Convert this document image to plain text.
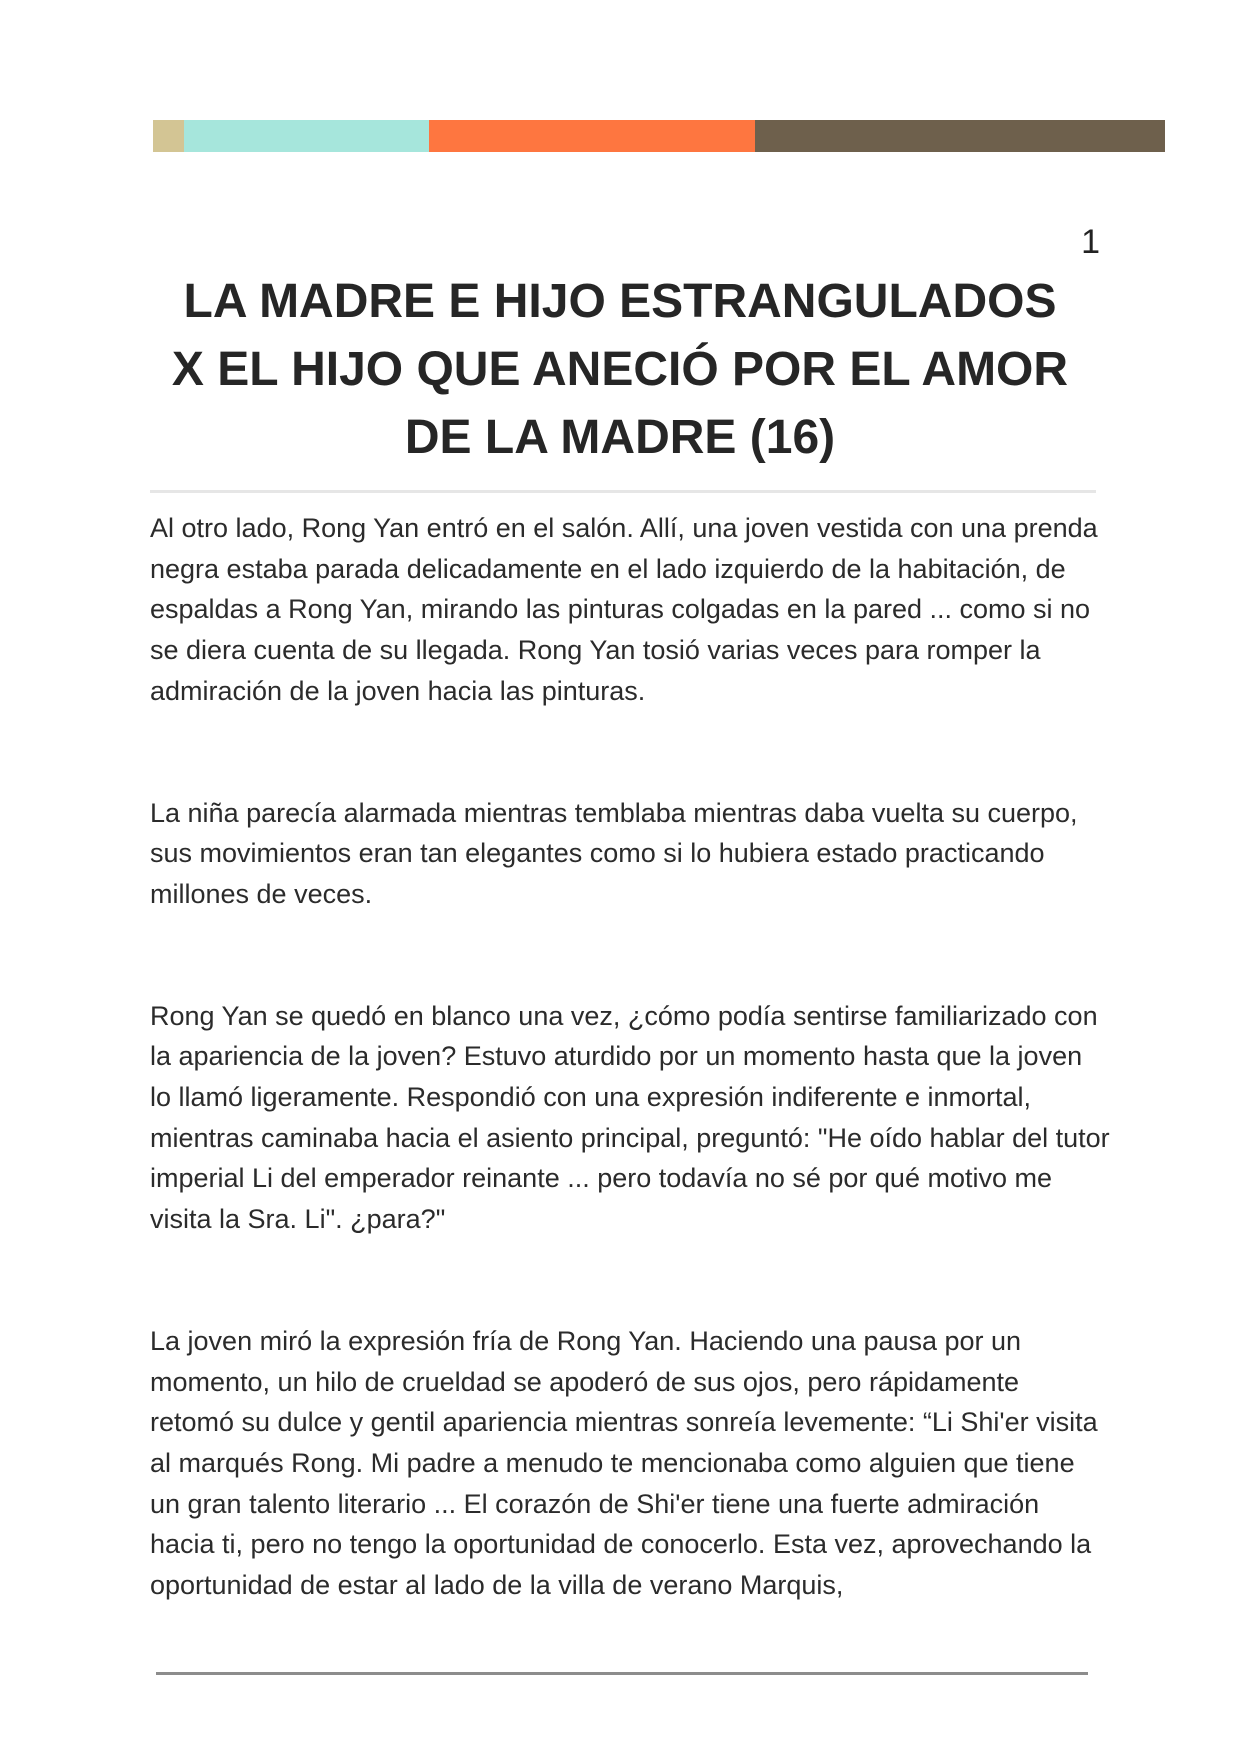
1
LA MADRE E HIJO ESTRANGULADOS
X EL HIJO QUE ANECIÓ POR EL AMOR
DE LA MADRE (16)

Al otro lado, Rong Yan entró en el salón. Allí, una joven vestida con una prenda negra estaba parada delicadamente en el lado izquierdo de la habitación, de espaldas a Rong Yan, mirando las pinturas colgadas en la pared ... como si no se diera cuenta de su llegada. Rong Yan tosió varias veces para romper la admiración de la joven hacia las pinturas.

La niña parecía alarmada mientras temblaba mientras daba vuelta su cuerpo, sus movimientos eran tan elegantes como si lo hubiera estado practicando millones de veces.

Rong Yan se quedó en blanco una vez, ¿cómo podía sentirse familiarizado con la apariencia de la joven? Estuvo aturdido por un momento hasta que la joven lo llamó ligeramente. Respondió con una expresión indiferente e inmortal, mientras caminaba hacia el asiento principal, preguntó: "He oído hablar del tutor imperial Li del emperador reinante ... pero todavía no sé por qué motivo me visita la Sra. Li". ¿para?"

La joven miró la expresión fría de Rong Yan. Haciendo una pausa por un momento, un hilo de crueldad se apoderó de sus ojos, pero rápidamente retomó su dulce y gentil apariencia mientras sonreía levemente: “Li Shi'er visita al marqués Rong. Mi padre a menudo te mencionaba como alguien que tiene un gran talento literario ... El corazón de Shi'er tiene una fuerte admiración hacia ti, pero no tengo la oportunidad de conocerlo. Esta vez, aprovechando la oportunidad de estar al lado de la villa de verano Marquis,
